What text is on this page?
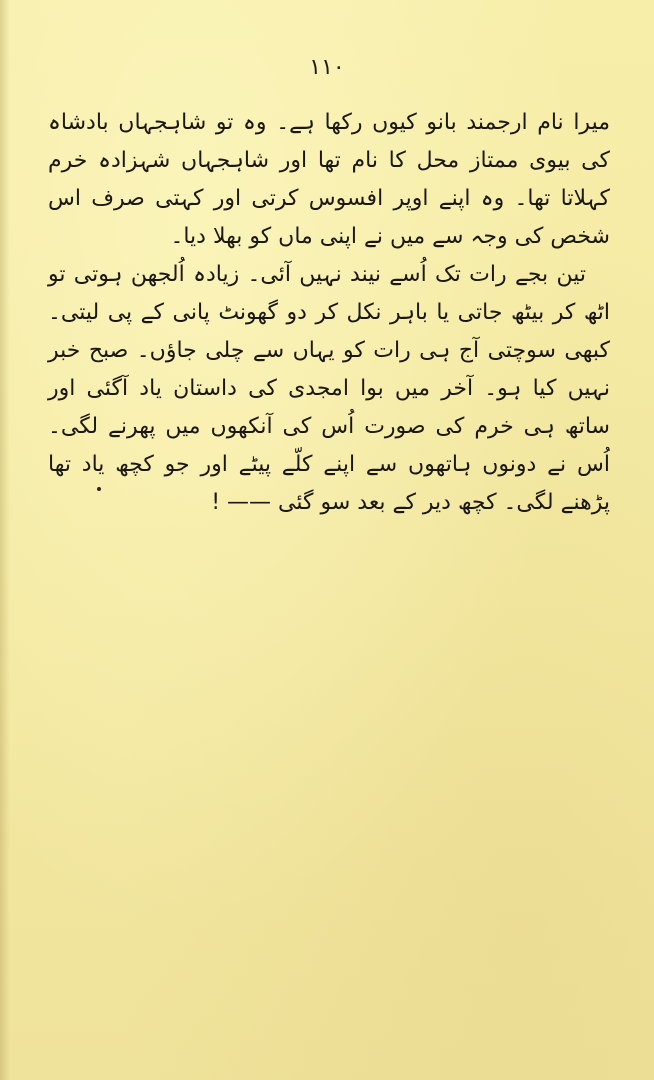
۱۱۰

میرا نام ارجمند بانو کیوں رکھا ہے۔ وہ تو شاہجہاں بادشاہ کی بیوی ممتاز محل کا نام تھا اور شاہجہاں شہزادہ خرم کہلاتا تھا۔ وہ اپنے اوپر افسوس کرتی اور کہتی صرف اس شخص کی وجہ سے میں نے اپنی ماں کو بھلا دیا۔

تین بجے رات تک اُسے نیند نہیں آئی۔ زیادہ اُلجھن ہوتی تو اٹھ کر بیٹھ جاتی یا باہر نکل کر دو گھونٹ پانی کے پی لیتی۔ کبھی سوچتی آج ہی رات کو یہاں سے چلی جاؤں۔ صبح خبر نہیں کیا ہو۔ آخر میں بوا امجدی کی داستان یاد آگئی اور ساتھ ہی خرم کی صورت اُس کی آنکھوں میں پھرنے لگی۔ اُس نے دونوں ہاتھوں سے اپنے کلّے پیٹے اور جو کچھ یاد تھا پڑھنے لگی۔ کچھ دیر کے بعد سو گئی —— !
